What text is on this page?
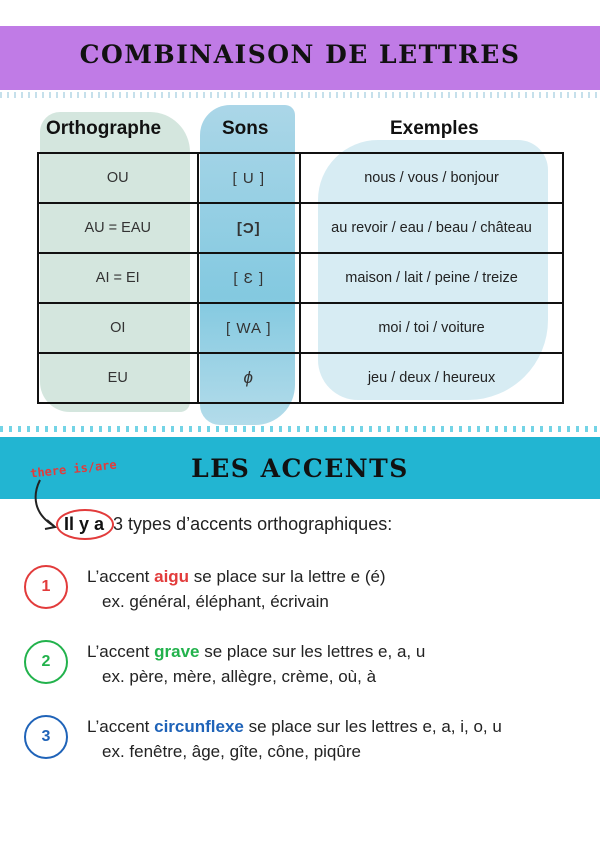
COMBINAISON DE LETTRES
Orthographe	Sons	Exemples
OU	[ U ]	nous / vous / bonjour
AU = EAU	[Ɔ]	au revoir / eau / beau / château
AI = EI	[ Ɛ ]	maison / lait / peine / treize
OI	[ WA ]	moi / toi / voiture
EU	ɸ	jeu / deux / heureux
LES ACCENTS
there is/are
Il y a 3 types d’accents orthographiques:
1
L’accent aigu se place sur la lettre e (é)
ex. général, éléphant, écrivain
2
L’accent grave se place sur les lettres e, a, u
ex. père, mère, allègre, crème, où, à
3
L’accent circunflexe se place sur les lettres e, a, i, o, u
ex. fenêtre, âge, gîte, cône, piqûre
